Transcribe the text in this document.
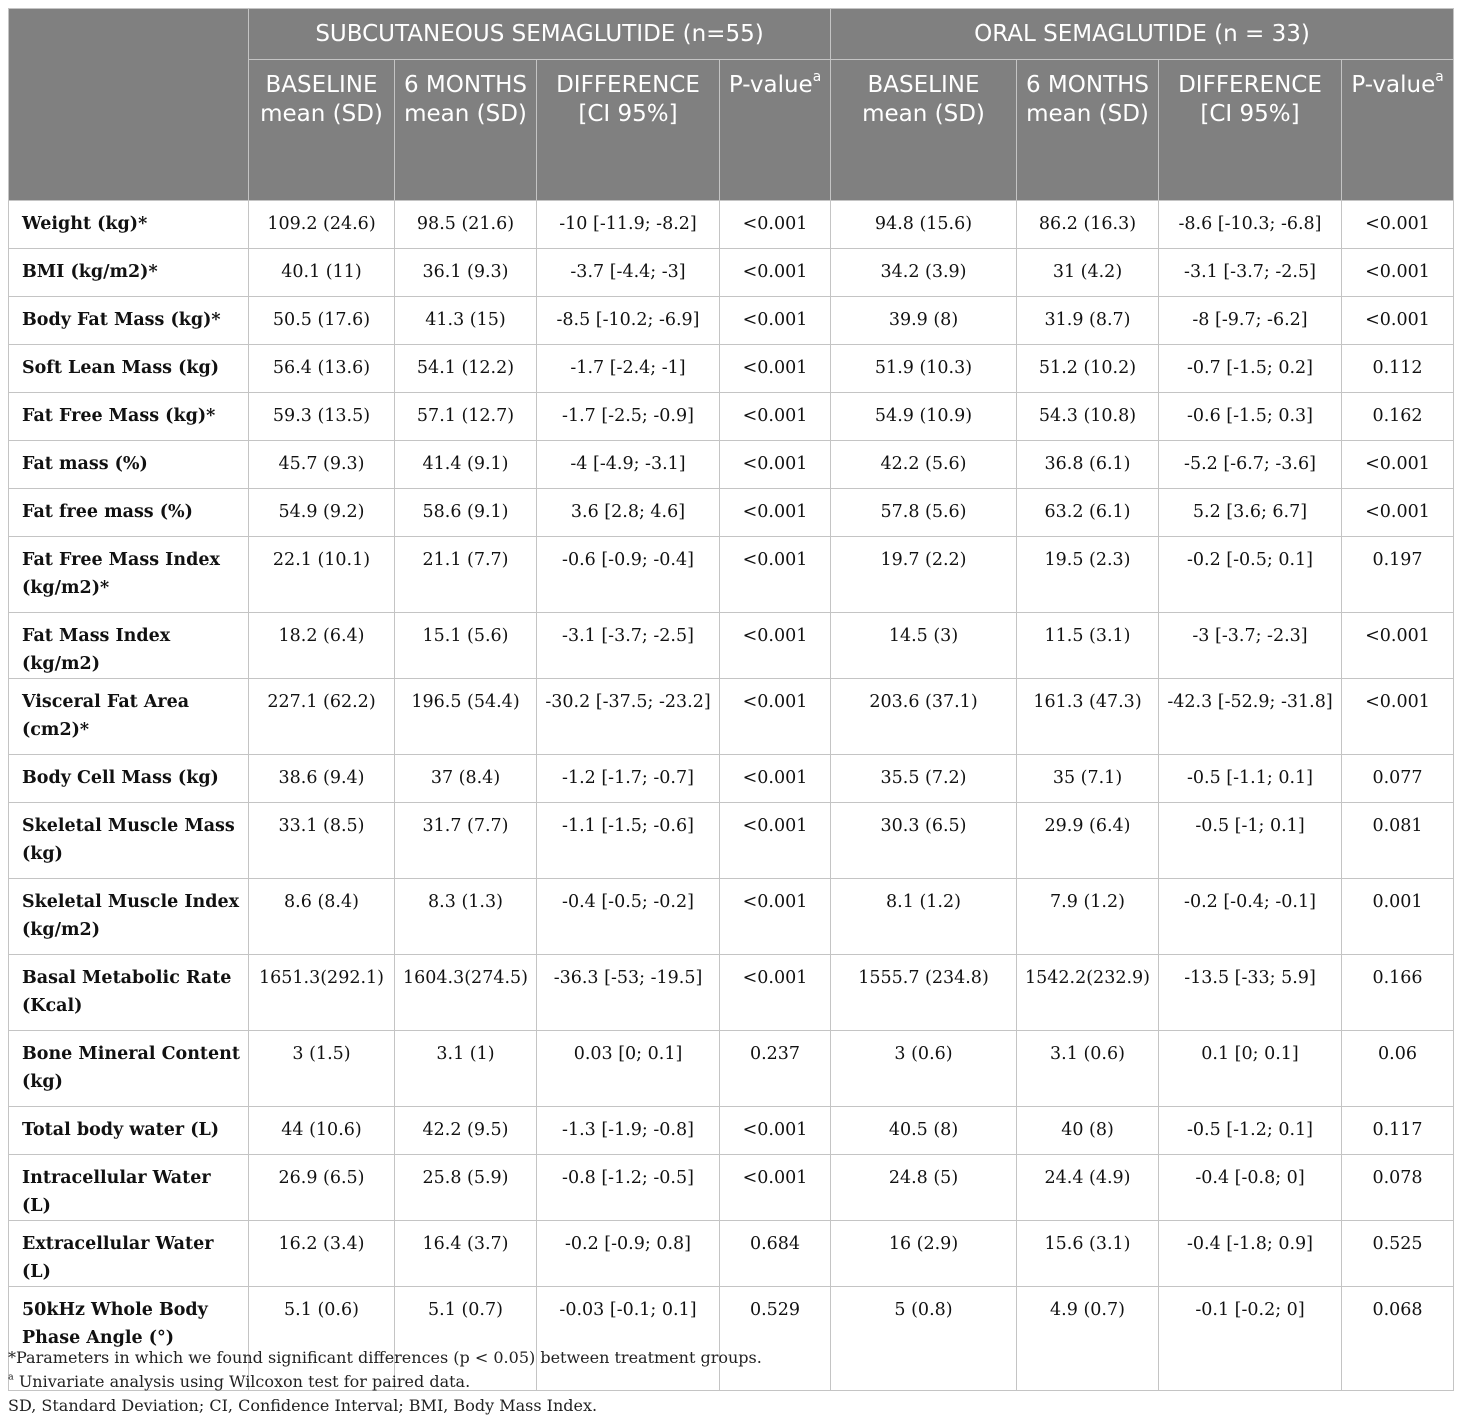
	SUBCUTANEOUS SEMAGLUTIDE (n=55)				ORAL SEMAGLUTIDE (n = 33)			
	BASELINE mean (SD)	6 MONTHS mean (SD)	DIFFERENCE [CI 95%]	P-value$^a$	BASELINE mean (SD)	6 MONTHS mean (SD)	DIFFERENCE [CI 95%]	P-value$^a$
Weight (kg)*	109.2 (24.6)	98.5 (21.6)	-10 [-11.9; -8.2]	<0.001	94.8 (15.6)	86.2 (16.3)	-8.6 [-10.3; -6.8]	<0.001
BMI (kg/m2)*	40.1 (11)	36.1 (9.3)	-3.7 [-4.4; -3]	<0.001	34.2 (3.9)	31 (4.2)	-3.1 [-3.7; -2.5]	<0.001
Body Fat Mass (kg)*	50.5 (17.6)	41.3 (15)	-8.5 [-10.2; -6.9]	<0.001	39.9 (8)	31.9 (8.7)	-8 [-9.7; -6.2]	<0.001
Soft Lean Mass (kg)	56.4 (13.6)	54.1 (12.2)	-1.7 [-2.4; -1]	<0.001	51.9 (10.3)	51.2 (10.2)	-0.7 [-1.5; 0.2]	0.112
Fat Free Mass (kg)*	59.3 (13.5)	57.1 (12.7)	-1.7 [-2.5; -0.9]	<0.001	54.9 (10.9)	54.3 (10.8)	-0.6 [-1.5; 0.3]	0.162
Fat mass (%)	45.7 (9.3)	41.4 (9.1)	-4 [-4.9; -3.1]	<0.001	42.2 (5.6)	36.8 (6.1)	-5.2 [-6.7; -3.6]	<0.001
Fat free mass (%)	54.9 (9.2)	58.6 (9.1)	3.6 [2.8; 4.6]	<0.001	57.8 (5.6)	63.2 (6.1)	5.2 [3.6; 6.7]	<0.001
Fat Free Mass Index (kg/m2)*	22.1 (10.1)	21.1 (7.7)	-0.6 [-0.9; -0.4]	<0.001	19.7 (2.2)	19.5 (2.3)	-0.2 [-0.5; 0.1]	0.197
Fat Mass Index (kg/m2)	18.2 (6.4)	15.1 (5.6)	-3.1 [-3.7; -2.5]	<0.001	14.5 (3)	11.5 (3.1)	-3 [-3.7; -2.3]	<0.001
Visceral Fat Area (cm2)*	227.1 (62.2)	196.5 (54.4)	-30.2 [-37.5; -23.2]	<0.001	203.6 (37.1)	161.3 (47.3)	-42.3 [-52.9; -31.8]	<0.001
Body Cell Mass (kg)	38.6 (9.4)	37 (8.4)	-1.2 [-1.7; -0.7]	<0.001	35.5 (7.2)	35 (7.1)	-0.5 [-1.1; 0.1]	0.077
Skeletal Muscle Mass (kg)	33.1 (8.5)	31.7 (7.7)	-1.1 [-1.5; -0.6]	<0.001	30.3 (6.5)	29.9 (6.4)	-0.5 [-1; 0.1]	0.081
Skeletal Muscle Index (kg/m2)	8.6 (8.4)	8.3 (1.3)	-0.4 [-0.5; -0.2]	<0.001	8.1 (1.2)	7.9 (1.2)	-0.2 [-0.4; -0.1]	0.001
Basal Metabolic Rate (Kcal)	1651.3(292.1)	1604.3(274.5)	-36.3 [-53; -19.5]	<0.001	1555.7 (234.8)	1542.2(232.9)	-13.5 [-33; 5.9]	0.166
Bone Mineral Content (kg)	3 (1.5)	3.1 (1)	0.03 [0; 0.1]	0.237	3 (0.6)	3.1 (0.6)	0.1 [0; 0.1]	0.06
Total body water (L)	44 (10.6)	42.2 (9.5)	-1.3 [-1.9; -0.8]	<0.001	40.5 (8)	40 (8)	-0.5 [-1.2; 0.1]	0.117
Intracellular Water (L)	26.9 (6.5)	25.8 (5.9)	-0.8 [-1.2; -0.5]	<0.001	24.8 (5)	24.4 (4.9)	-0.4 [-0.8; 0]	0.078
Extracellular Water (L)	16.2 (3.4)	16.4 (3.7)	-0.2 [-0.9; 0.8]	0.684	16 (2.9)	15.6 (3.1)	-0.4 [-1.8; 0.9]	0.525
50kHz Whole Body Phase Angle (°)	5.1 (0.6)	5.1 (0.7)	-0.03 [-0.1; 0.1]	0.529	5 (0.8)	4.9 (0.7)	-0.1 [-0.2; 0]	0.068
*Parameters in which we found significant differences (p < 0.05) between treatment groups.
$^a$ Univariate analysis using Wilcoxon test for paired data.
SD, Standard Deviation; CI, Confidence Interval; BMI, Body Mass Index.
